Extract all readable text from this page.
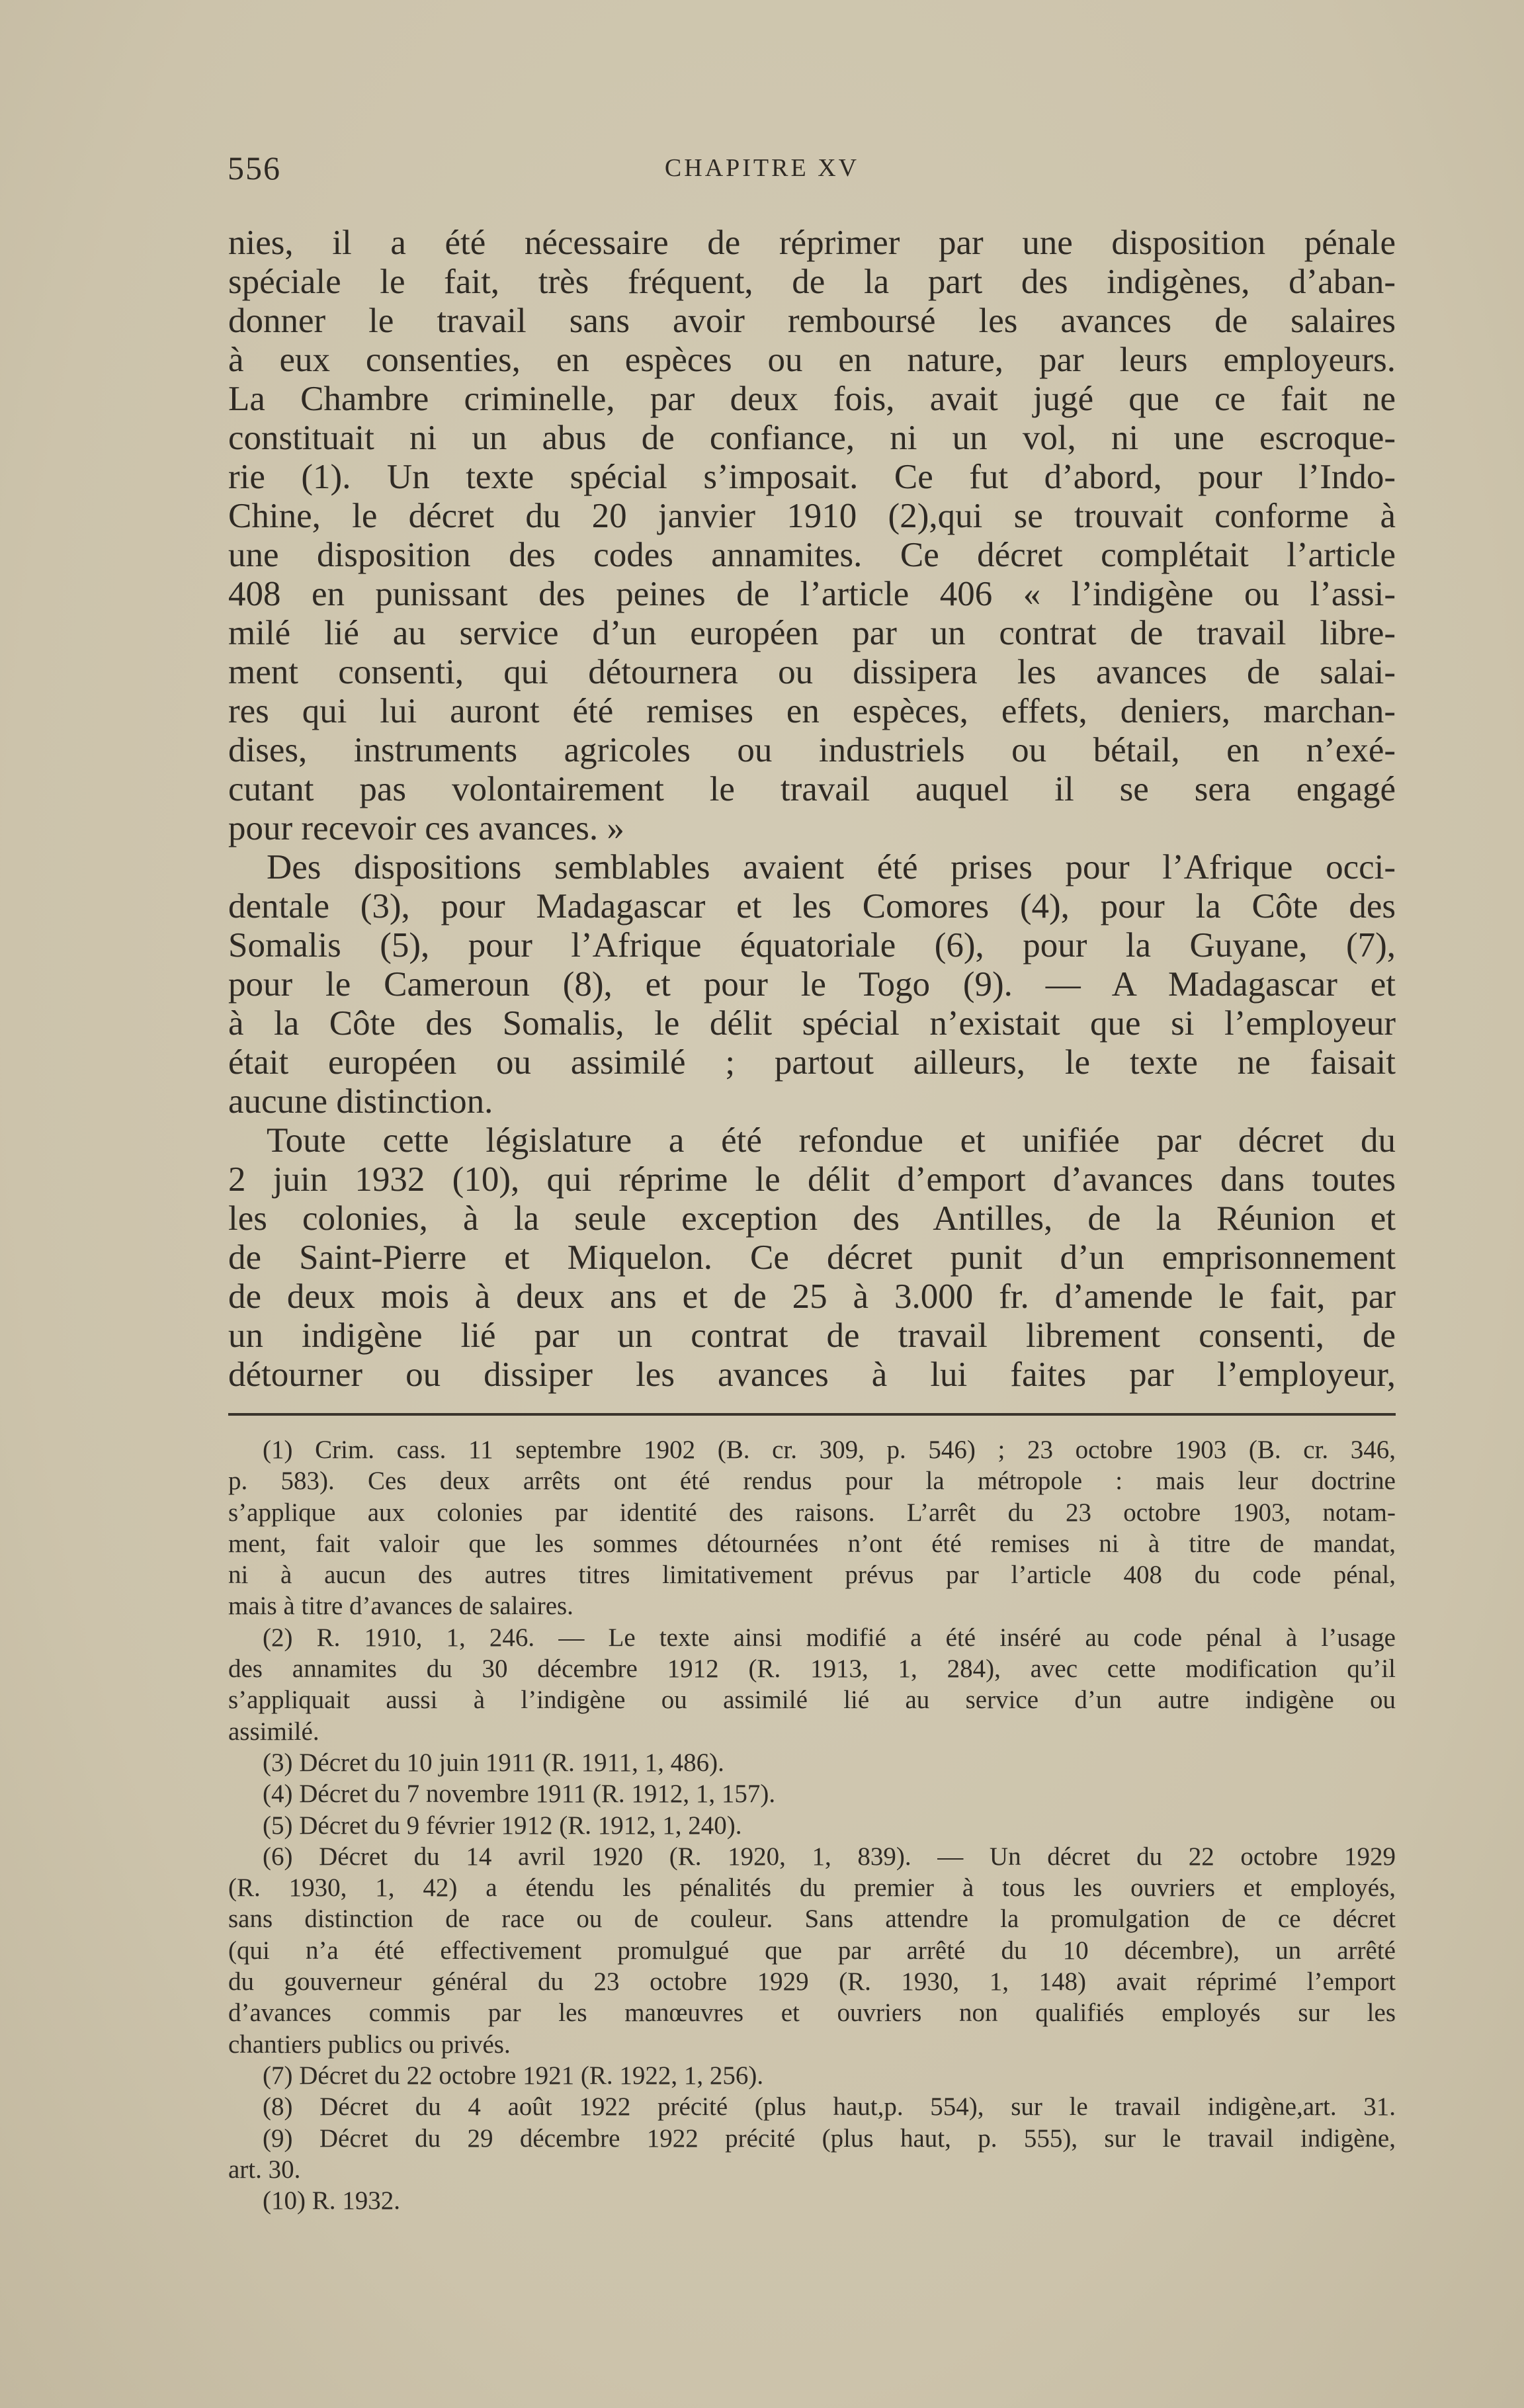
556	CHAPITRE XV
nies, il a été nécessaire de réprimer par une disposition pénale
spéciale le fait, très fréquent, de la part des indigènes, d’aban-
donner le travail sans avoir remboursé les avances de salaires
à eux consenties, en espèces ou en nature, par leurs employeurs.
La Chambre criminelle, par deux fois, avait jugé que ce fait ne
constituait ni un abus de confiance, ni un vol, ni une escroque-
rie (1). Un texte spécial s’imposait. Ce fut d’abord, pour l’Indo-
Chine, le décret du 20 janvier 1910 (2),qui se trouvait conforme à
une disposition des codes annamites. Ce décret complétait l’article
408 en punissant des peines de l’article 406 « l’indigène ou l’assi-
milé lié au service d’un européen par un contrat de travail libre-
ment consenti, qui détournera ou dissipera les avances de salai-
res qui lui auront été remises en espèces, effets, deniers, marchan-
dises, instruments agricoles ou industriels ou bétail, en n’exé-
cutant pas volontairement le travail auquel il se sera engagé
pour recevoir ces avances. »
Des dispositions semblables avaient été prises pour l’Afrique occi-
dentale (3), pour Madagascar et les Comores (4), pour la Côte des
Somalis (5), pour l’Afrique équatoriale (6), pour la Guyane, (7),
pour le Cameroun (8), et pour le Togo (9). — A Madagascar et
à la Côte des Somalis, le délit spécial n’existait que si l’employeur
était européen ou assimilé ; partout ailleurs, le texte ne faisait
aucune distinction.
Toute cette législature a été refondue et unifiée par décret du
2 juin 1932 (10), qui réprime le délit d’emport d’avances dans toutes
les colonies, à la seule exception des Antilles, de la Réunion et
de Saint-Pierre et Miquelon. Ce décret punit d’un emprisonnement
de deux mois à deux ans et de 25 à 3.000 fr. d’amende le fait, par
un indigène lié par un contrat de travail librement consenti, de
détourner ou dissiper les avances à lui faites par l’employeur,
(1) Crim. cass. 11 septembre 1902 (B. cr. 309, p. 546) ; 23 octobre 1903 (B. cr. 346,
p. 583). Ces deux arrêts ont été rendus pour la métropole : mais leur doctrine
s’applique aux colonies par identité des raisons. L’arrêt du 23 octobre 1903, notam-
ment, fait valoir que les sommes détournées n’ont été remises ni à titre de mandat,
ni à aucun des autres titres limitativement prévus par l’article 408 du code pénal,
mais à titre d’avances de salaires.
(2) R. 1910, 1, 246. — Le texte ainsi modifié a été inséré au code pénal à l’usage
des annamites du 30 décembre 1912 (R. 1913, 1, 284), avec cette modification qu’il
s’appliquait aussi à l’indigène ou assimilé lié au service d’un autre indigène ou
assimilé.
(3) Décret du 10 juin 1911 (R. 1911, 1, 486).
(4) Décret du 7 novembre 1911 (R. 1912, 1, 157).
(5) Décret du 9 février 1912 (R. 1912, 1, 240).
(6) Décret du 14 avril 1920 (R. 1920, 1, 839). — Un décret du 22 octobre 1929
(R. 1930, 1, 42) a étendu les pénalités du premier à tous les ouvriers et employés,
sans distinction de race ou de couleur. Sans attendre la promulgation de ce décret
(qui n’a été effectivement promulgué que par arrêté du 10 décembre), un arrêté
du gouverneur général du 23 octobre 1929 (R. 1930, 1, 148) avait réprimé l’emport
d’avances commis par les manœuvres et ouvriers non qualifiés employés sur les
chantiers publics ou privés.
(7) Décret du 22 octobre 1921 (R. 1922, 1, 256).
(8) Décret du 4 août 1922 précité (plus haut,p. 554), sur le travail indigène,art. 31.
(9) Décret du 29 décembre 1922 précité (plus haut, p. 555), sur le travail indigène,
art. 30.
(10) R. 1932.
